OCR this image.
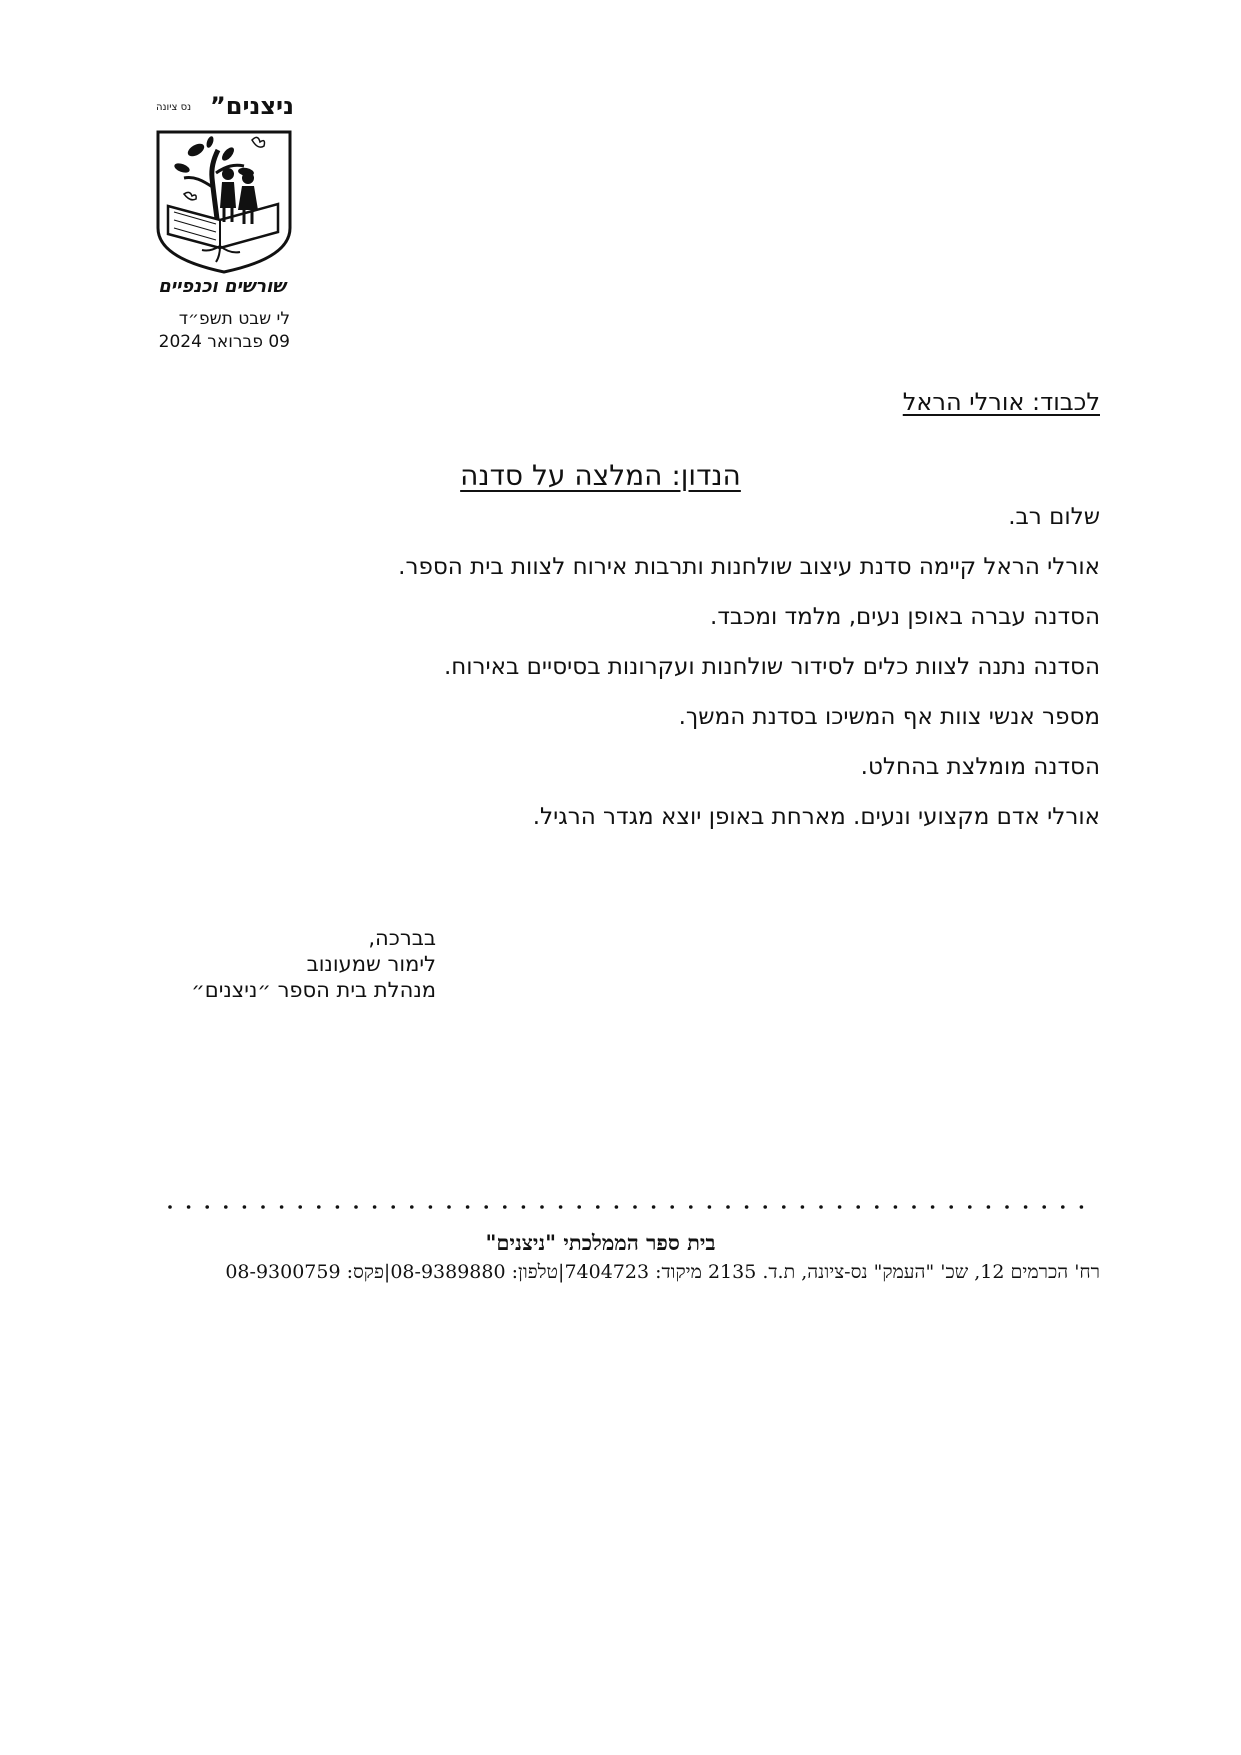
”ניצנים
נס ציונה
שורשים וכנפיים
לי שבט תשפ״ד
09 פברואר 2024
לכבוד: אורלי הראל
הנדון: המלצה על סדנה
שלום רב.
אורלי הראל קיימה סדנת עיצוב שולחנות ותרבות אירוח לצוות בית הספר.
הסדנה עברה באופן נעים, מלמד ומכבד.
הסדנה נתנה לצוות כלים לסידור שולחנות ועקרונות בסיסיים באירוח.
מספר אנשי צוות אף המשיכו בסדנת המשך.
הסדנה מומלצת בהחלט.
אורלי אדם מקצועי ונעים. מארחת באופן יוצא מגדר הרגיל.
בברכה,
לימור שמעונוב
מנהלת בית הספר ״ניצנים״
בית ספר הממלכתי "ניצנים"
רח' הכרמים 12, שכ' "העמק" נס-ציונה, ת.ד. 2135 מיקוד: 7404723|טלפון: 08-9389880|פקס: 08-9300759
